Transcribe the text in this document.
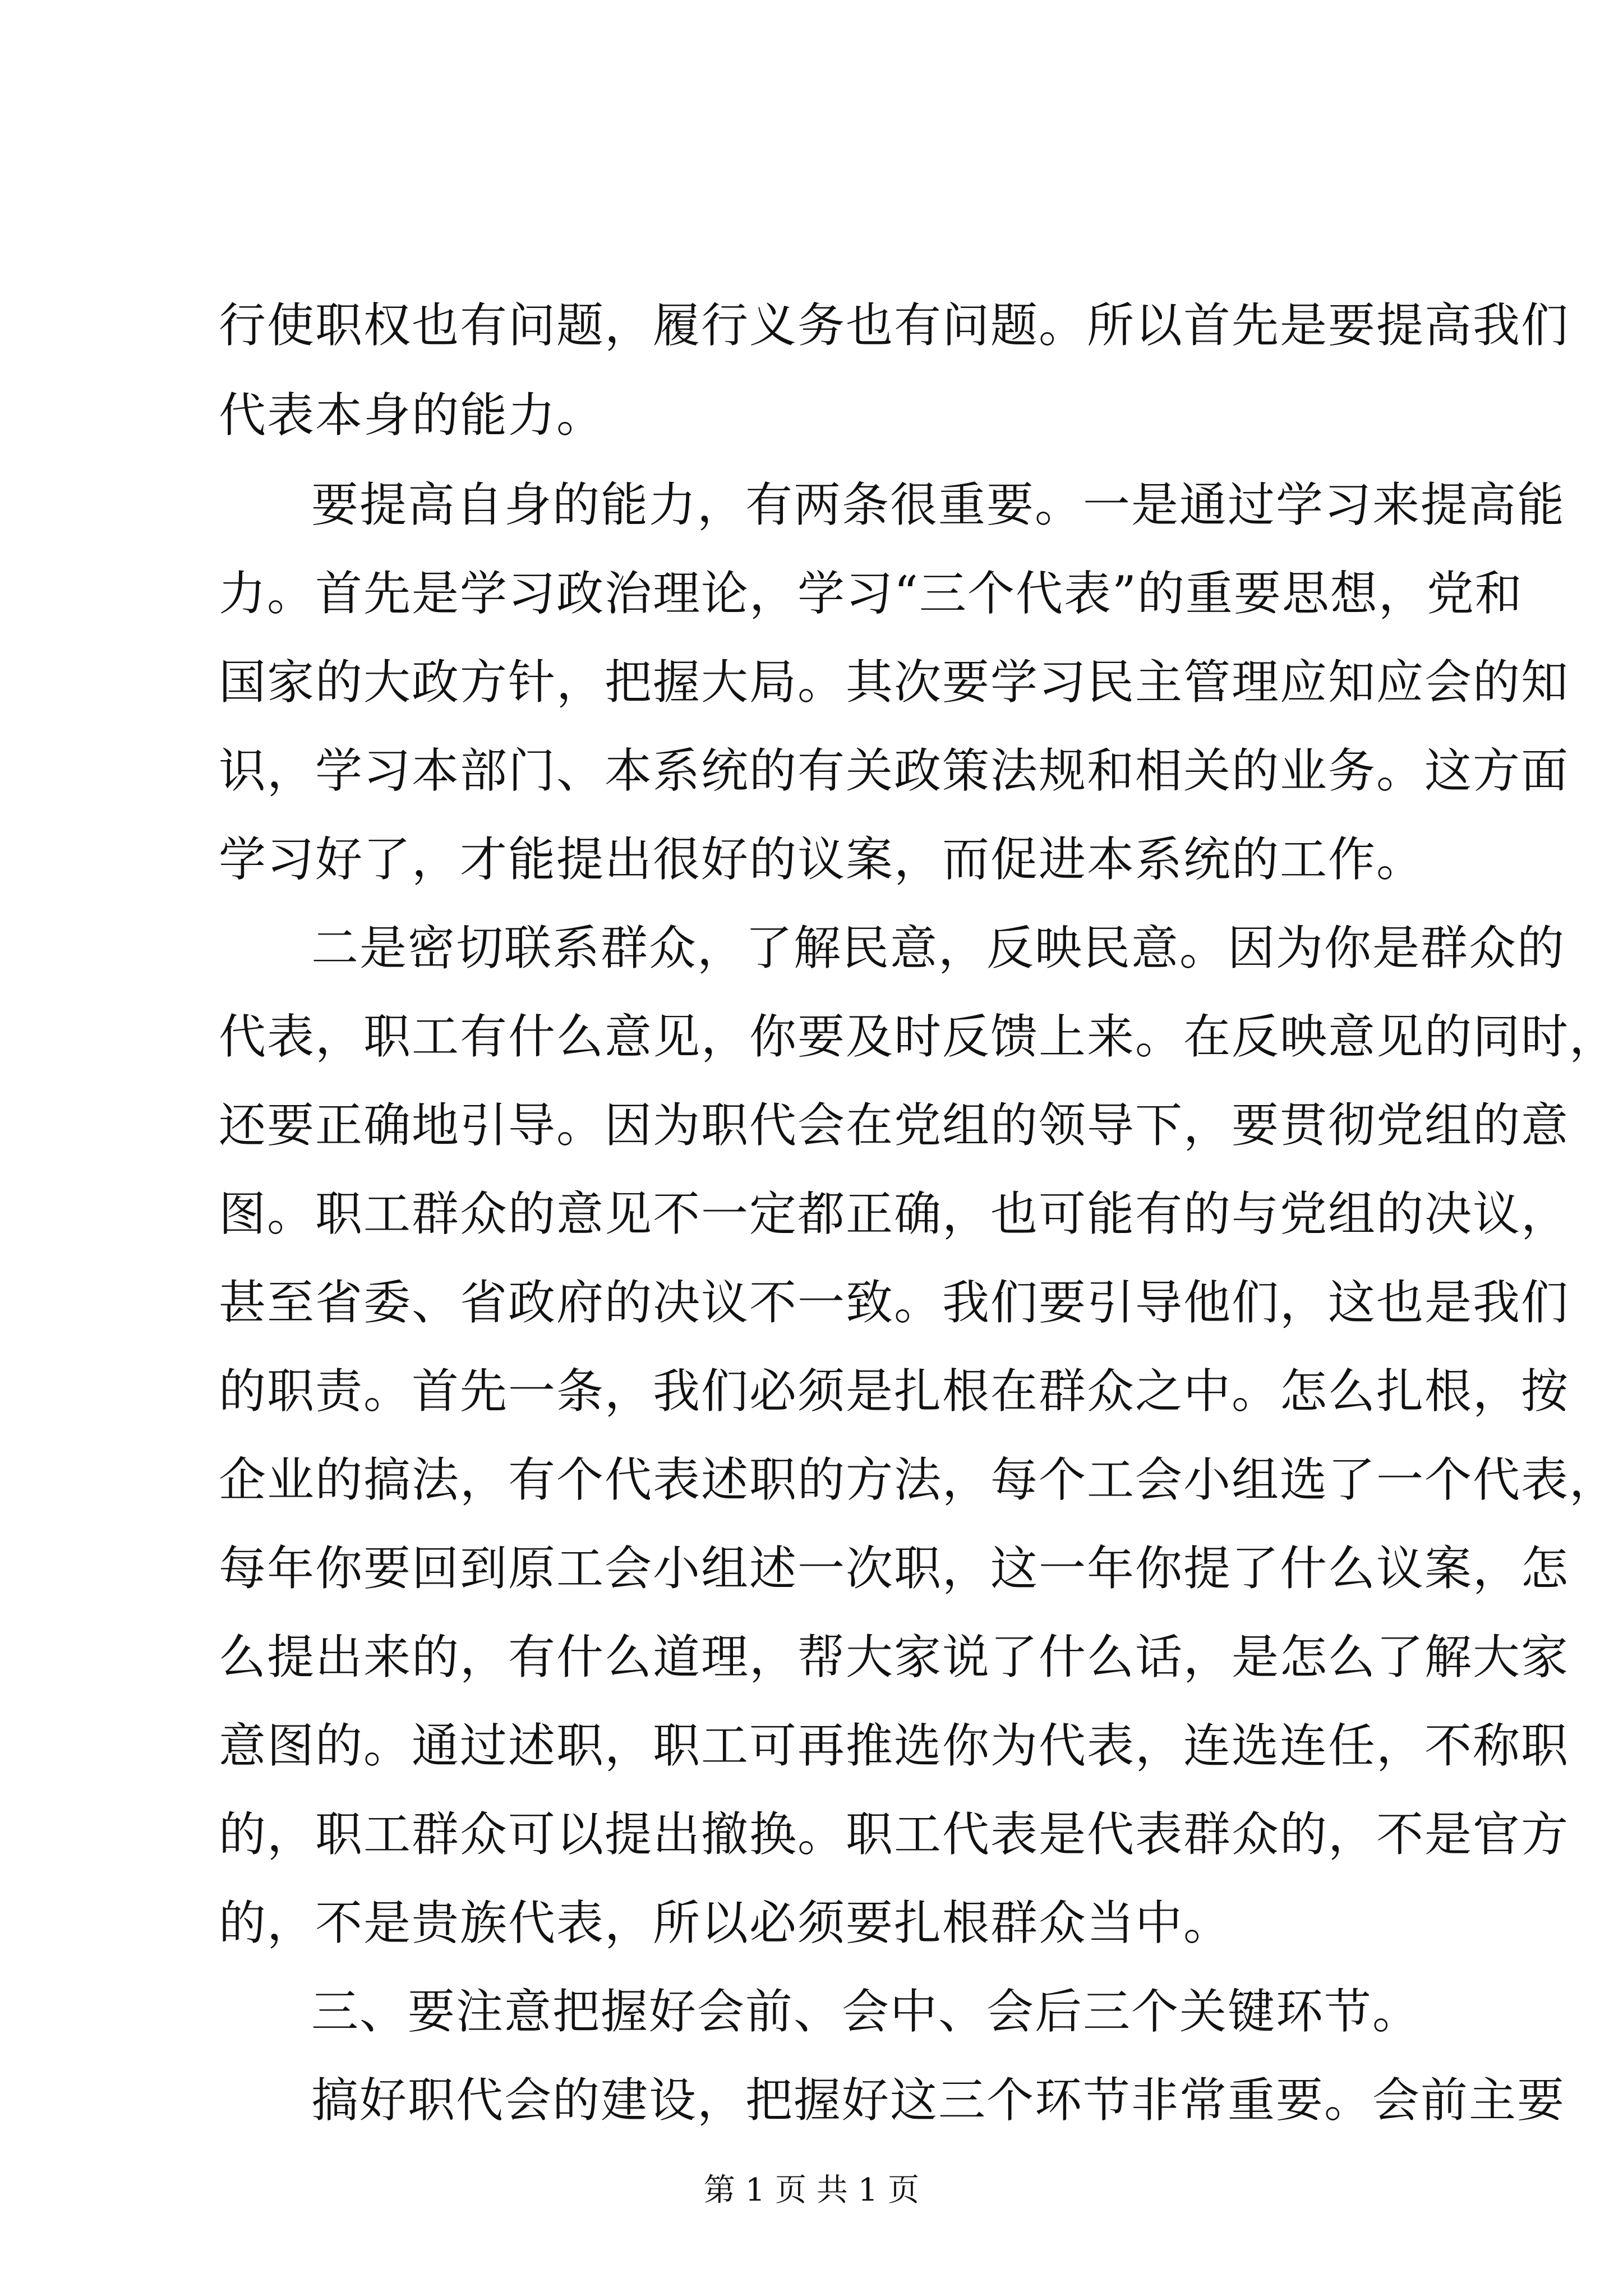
行使职权也有问题，履行义务也有问题。所以首先是要提高我们
代表本身的能力。
要提高自身的能力，有两条很重要。一是通过学习来提高能
力。首先是学习政治理论，学习“三个代表”的重要思想，党和
国家的大政方针，把握大局。其次要学习民主管理应知应会的知
识，学习本部门、本系统的有关政策法规和相关的业务。这方面
学习好了，才能提出很好的议案，而促进本系统的工作。
二是密切联系群众，了解民意，反映民意。因为你是群众的
代表，职工有什么意见，你要及时反馈上来。在反映意见的同时，
还要正确地引导。因为职代会在党组的领导下，要贯彻党组的意
图。职工群众的意见不一定都正确，也可能有的与党组的决议，
甚至省委、省政府的决议不一致。我们要引导他们，这也是我们
的职责。首先一条，我们必须是扎根在群众之中。怎么扎根，按
企业的搞法，有个代表述职的方法，每个工会小组选了一个代表，
每年你要回到原工会小组述一次职，这一年你提了什么议案，怎
么提出来的，有什么道理，帮大家说了什么话，是怎么了解大家
意图的。通过述职，职工可再推选你为代表，连选连任，不称职
的，职工群众可以提出撤换。职工代表是代表群众的，不是官方
的，不是贵族代表，所以必须要扎根群众当中。
三、要注意把握好会前、会中、会后三个关键环节。
搞好职代会的建设，把握好这三个环节非常重要。会前主要
第 1 页 共 1 页
